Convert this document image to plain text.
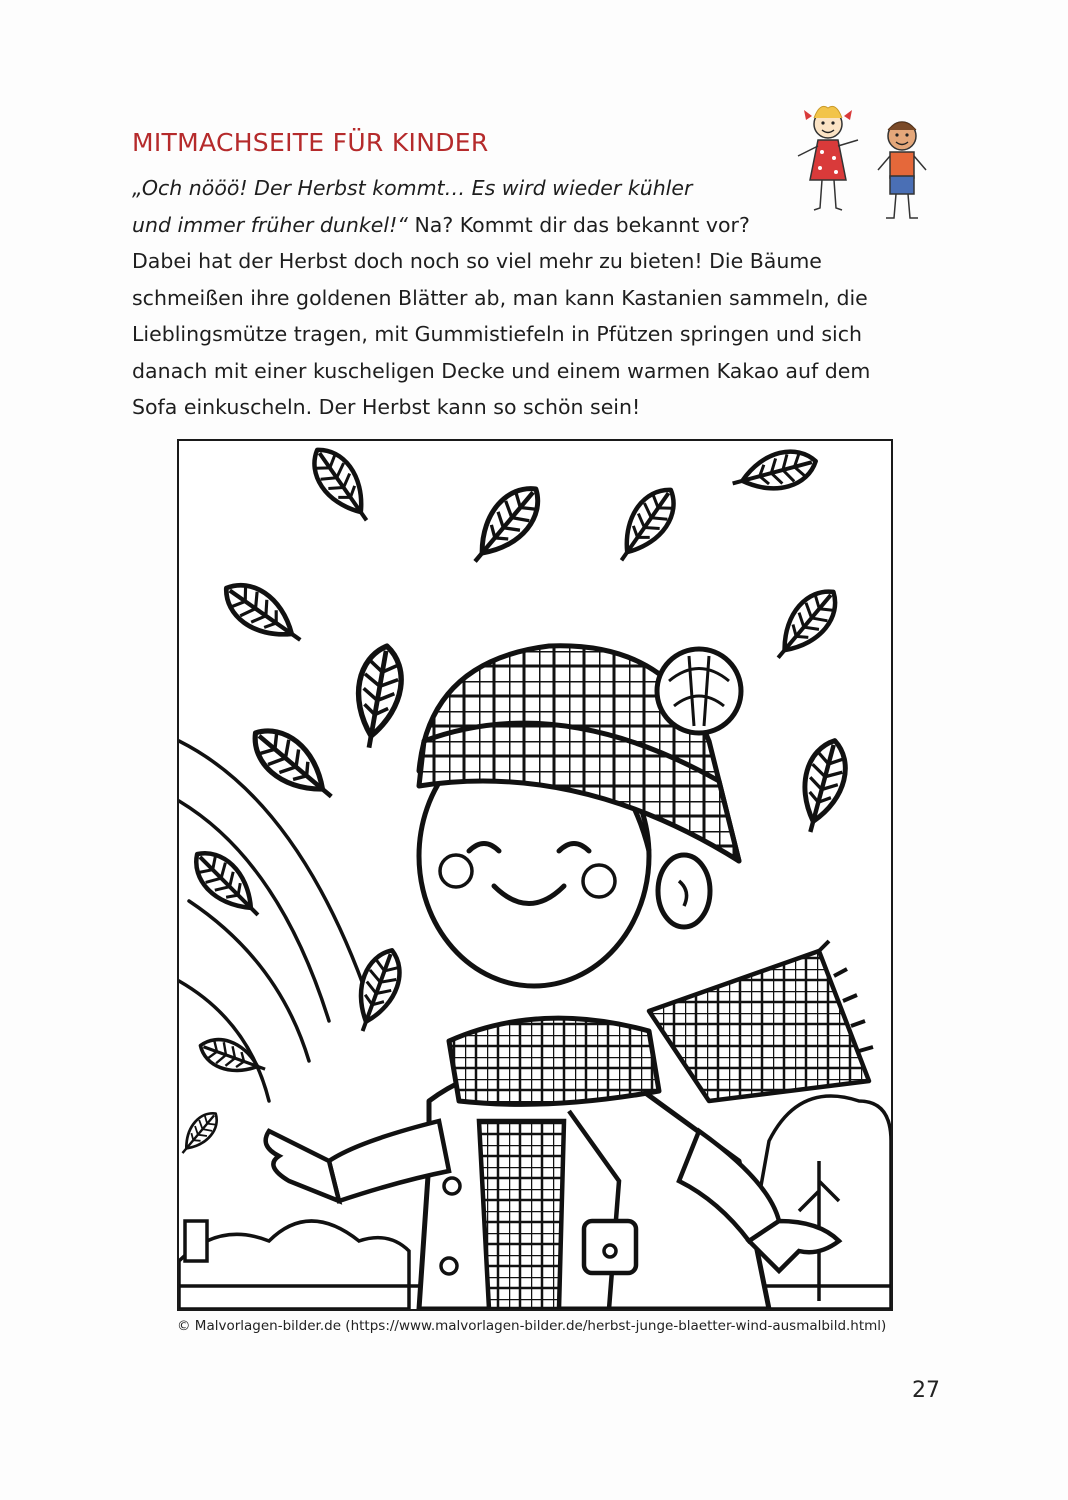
MITMACHSEITE FÜR KINDER
„Och nööö! Der Herbst kommt… Es wird wieder kühler
und immer früher dunkel!“ Na? Kommt dir das bekannt vor?
Dabei hat der Herbst doch noch so viel mehr zu bieten! Die Bäume
schmeißen ihre goldenen Blätter ab, man kann Kastanien sammeln, die
Lieblingsmütze tragen, mit Gummistiefeln in Pfützen springen und sich
danach mit einer kuscheligen Decke und einem warmen Kakao auf dem
Sofa einkuscheln. Der Herbst kann so schön sein!
© Malvorlagen-bilder.de (https://www.malvorlagen-bilder.de/herbst-junge-blaetter-wind-ausmalbild.html)
27
